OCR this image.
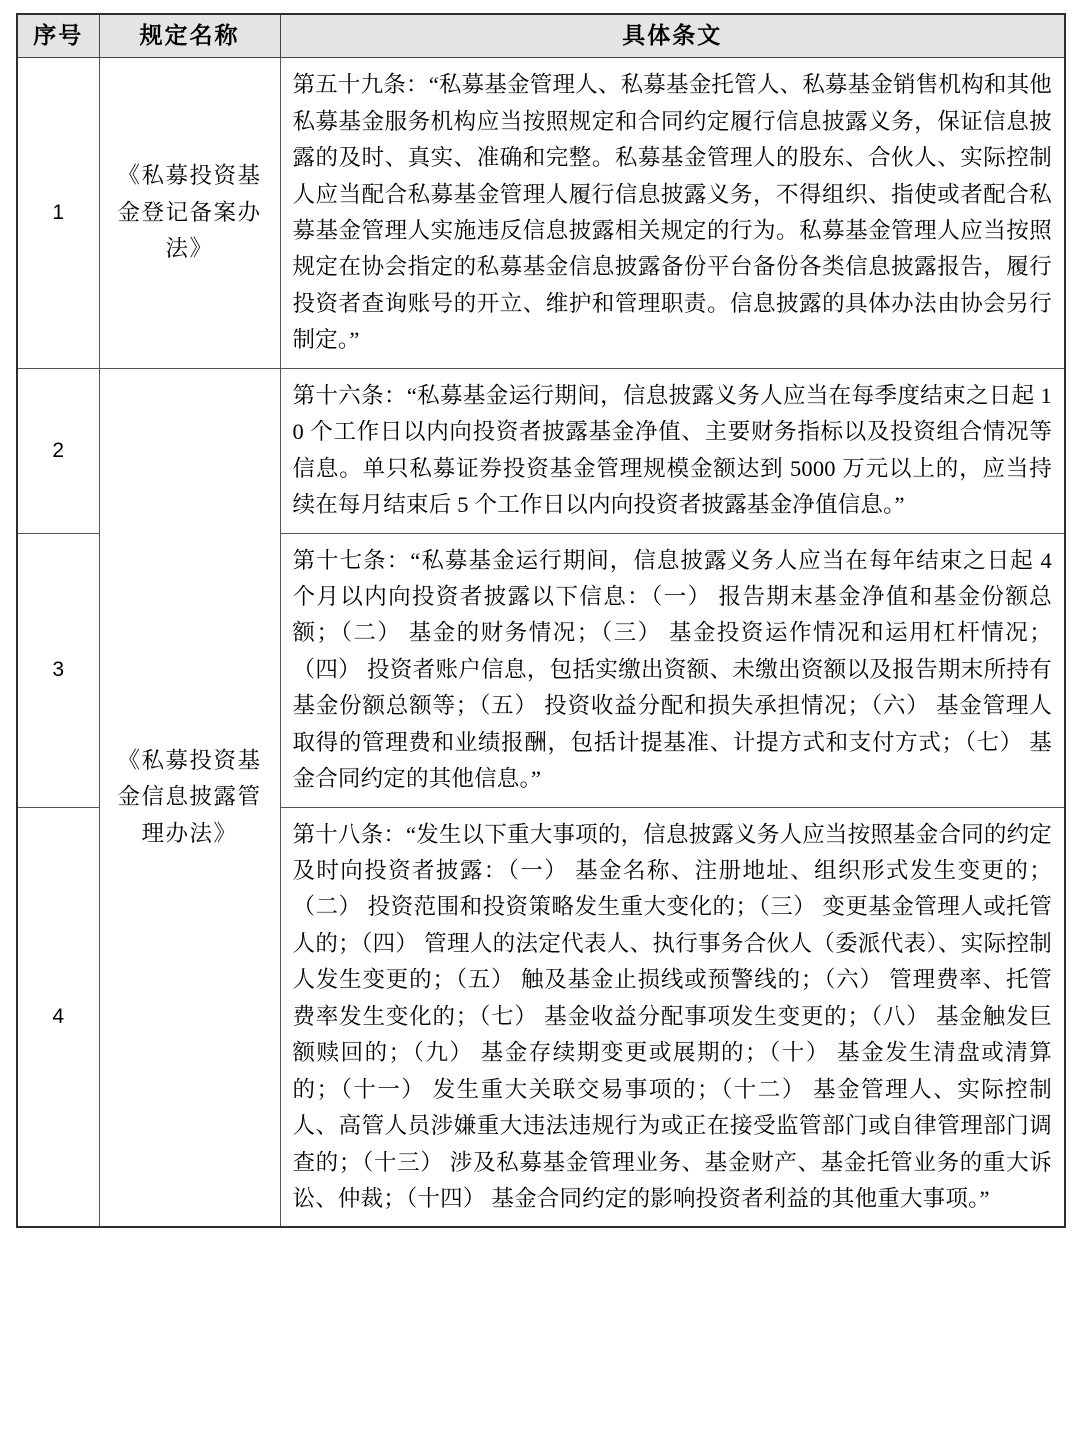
序号	规定名称	具体条文
1	《私募投资基金登记备案办法》	第五十九条：“私募基金管理人、私募基金托管人、私募基金销售机构和其他私募基金服务机构应当按照规定和合同约定履行信息披露义务，保证信息披露的及时、真实、准确和完整。私募基金管理人的股东、合伙人、实际控制人应当配合私募基金管理人履行信息披露义务，不得组织、指使或者配合私募基金管理人实施违反信息披露相关规定的行为。私募基金管理人应当按照规定在协会指定的私募基金信息披露备份平台备份各类信息披露报告，履行投资者查询账号的开立、维护和管理职责。信息披露的具体办法由协会另行制定。”
2	《私募投资基金信息披露管理办法》	第十六条：“私募基金运行期间，信息披露义务人应当在每季度结束之日起 10 个工作日以内向投资者披露基金净值、主要财务指标以及投资组合情况等信息。单只私募证券投资基金管理规模金额达到 5000 万元以上的，应当持续在每月结束后 5 个工作日以内向投资者披露基金净值信息。”
3		第十七条：“私募基金运行期间，信息披露义务人应当在每年结束之日起 4 个月以内向投资者披露以下信息：（一） 报告期末基金净值和基金份额总额；（二） 基金的财务情况；（三） 基金投资运作情况和运用杠杆情况；（四） 投资者账户信息，包括实缴出资额、未缴出资额以及报告期末所持有基金份额总额等；（五） 投资收益分配和损失承担情况；（六） 基金管理人取得的管理费和业绩报酬，包括计提基准、计提方式和支付方式；（七） 基金合同约定的其他信息。”
4		第十八条：“发生以下重大事项的，信息披露义务人应当按照基金合同的约定及时向投资者披露：（一） 基金名称、注册地址、组织形式发生变更的；（二） 投资范围和投资策略发生重大变化的；（三） 变更基金管理人或托管人的；（四） 管理人的法定代表人、执行事务合伙人（委派代表）、实际控制人发生变更的；（五） 触及基金止损线或预警线的；（六） 管理费率、托管费率发生变化的；（七） 基金收益分配事项发生变更的；（八） 基金触发巨额赎回的；（九） 基金存续期变更或展期的；（十） 基金发生清盘或清算的；（十一） 发生重大关联交易事项的；（十二） 基金管理人、实际控制人、高管人员涉嫌重大违法违规行为或正在接受监管部门或自律管理部门调查的；（十三） 涉及私募基金管理业务、基金财产、基金托管业务的重大诉讼、仲裁；（十四） 基金合同约定的影响投资者利益的其他重大事项。”
